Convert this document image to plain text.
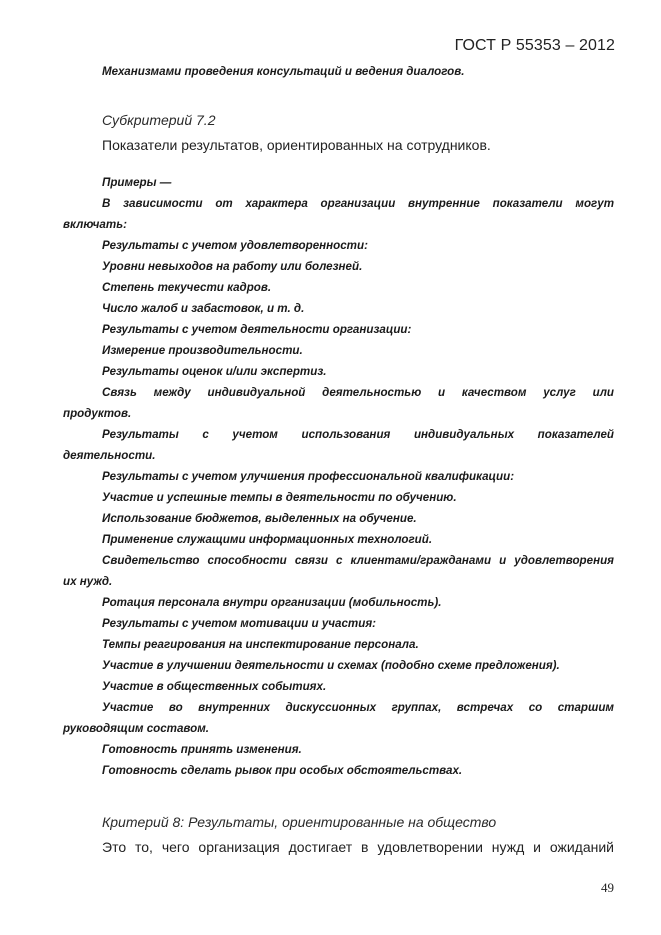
ГОСТ Р 55353 – 2012
Механизмами проведения консультаций и ведения диалогов.
Субкритерий 7.2
Показатели результатов, ориентированных на сотрудников.
Примеры —
В зависимости от характера организации внутренние показатели могут
включать:
Результаты с учетом удовлетворенности:
Уровни невыходов на работу или болезней.
Степень текучести кадров.
Число жалоб и забастовок, и т. д.
Результаты с учетом деятельности организации:
Измерение производительности.
Результаты оценок и/или экспертиз.
Связь между индивидуальной деятельностью и качеством услуг или
продуктов.
Результаты с учетом использования индивидуальных показателей
деятельности.
Результаты с учетом улучшения профессиональной квалификации:
Участие и успешные темпы в деятельности по обучению.
Использование бюджетов, выделенных на обучение.
Применение служащими информационных технологий.
Свидетельство способности связи с клиентами/гражданами и удовлетворения
их нужд.
Ротация персонала внутри организации (мобильность).
Результаты с учетом мотивации и участия:
Темпы реагирования на инспектирование персонала.
Участие в улучшении деятельности и схемах (подобно схеме предложения).
Участие в общественных событиях.
Участие во внутренних дискуссионных группах, встречах со старшим
руководящим составом.
Готовность принять изменения.
Готовность сделать рывок при особых обстоятельствах.
Критерий 8: Результаты, ориентированные на общество
Это то, чего организация достигает в удовлетворении нужд и ожиданий
49
